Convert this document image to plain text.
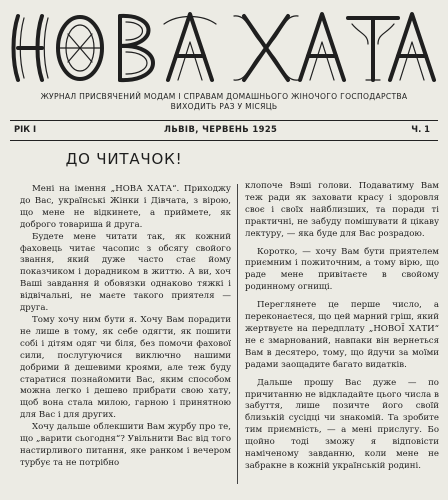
ЖУРНАЛ ПРИСВЯЧЕНИЙ МОДАМ І СПРАВАМ ДОМАШНЬОГО ЖІНОЧОГО ГОСПОДАРСТВА
ВИХОДИТЬ РАЗ У МІСЯЦЬ
РІК І	ЛЬВІВ, ЧЕРВЕНЬ 1925	Ч. 1
ДО ЧИТАЧОК!

Мені на імення „НОВА ХАТА“. Приходжу до Вас, українські Жінки і Дівчата, з вірою, що мене не відкинете, а приймете, як доброго товариша й друга.

Будете мене читати так, як кожний фаховець читає часопис з обсягу свойого звання, який дуже часто стає йому показчиком і дорадником в життю. А ви, хоч Ваші завдання й обовязки однаково тяжкі і відвічальні, не маєте такого приятеля — друга.

Тому хочу ним бути я. Хочу Вам порадити не лише в тому, як себе одягти, як пошити собі і дітям одяг чи біля, без помочи фахової сили, послугуючися виключно нашими добрими й дешевими кроями, але теж буду старатися познайомити Вас, яким способом можна легко і дешево прибрати свою хату, щоб вона стала милою, гарною і принятною для Вас і для других.

Хочу дальше облекшити Вам журбу про те, що „варити сьогодня“? Увільнити Вас від того настирливого питання, яке ранком і вечером турбує та не потрібно

клопоче Вэші голови. Подаватиму Вам теж ради як заховати красу і здоровля своє і своїх найблизших, та поради ті практичні, не забуду помішувати й цікаву лектуру, — яка буде для Вас розрадою.

Коротко, — хочу Вам бути приятелем приємним і пожиточним, а тому вірю, що раде мене привітаєте в свойому родинному огнищі.

Переглянете це перше число, а переконаєтеся, що цей марний гріш, який жертвуєте на передплату „НОВОЇ ХАТИ“ не є змарнований, навпаки він вернеться Вам в десятеро, тому, що йдучи за моїми радами заощадите багато видатків.

Дальше прошу Вас дуже — по причитанню не відкладайте цього числа в забуття, лише позичте його своїй близькій сусідці чи знакомій. Та зробите тим приємність, — а мені прислугу. Бо щойно тоді зможу я відповісти наміченому завданню, коли мене не забракне в кожній українській родині.
